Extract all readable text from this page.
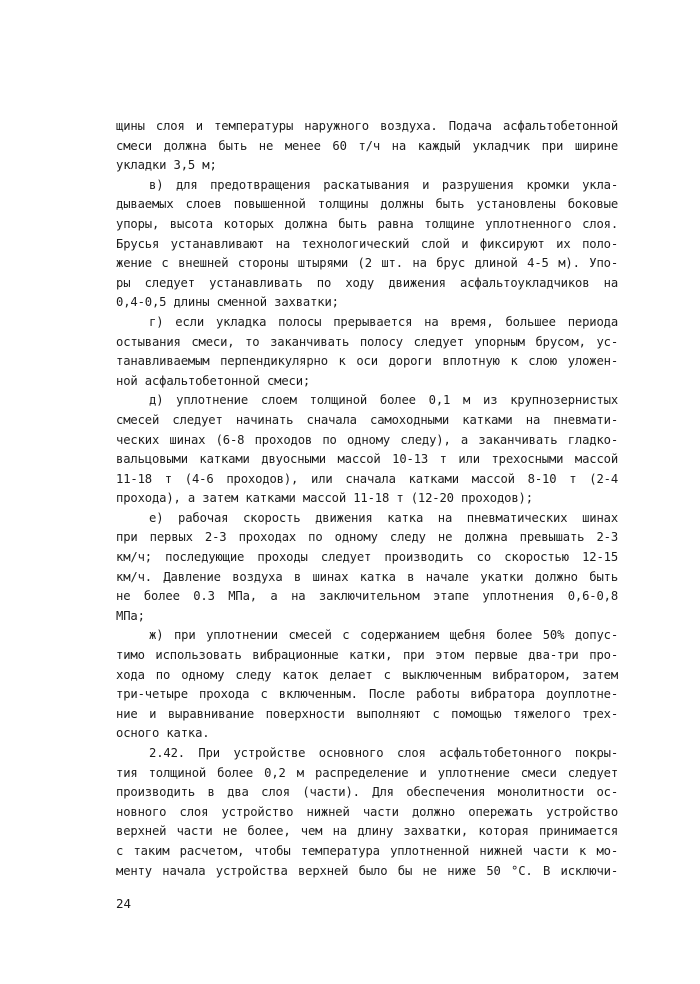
щины слоя и температуры наружного воздуха. Подача асфальтобетонной
смеси должна быть не менее 60 т/ч на каждый укладчик при ширине
укладки 3,5 м;
в) для предотвращения раскатывания и разрушения кромки укла-
дываемых слоев повышенной толщины должны быть установлены боковые
упоры, высота которых должна быть равна толщине уплотненного слоя.
Брусья устанавливают на технологический слой и фиксируют их поло-
жение с внешней стороны штырями (2 шт. на брус длиной 4-5 м). Упо-
ры следует устанавливать по ходу движения асфальтоукладчиков на
0,4-0,5 длины сменной захватки;
г) если укладка полосы прерывается на время, большее периода
остывания смеси, то заканчивать полосу следует упорным брусом, ус-
танавливаемым перпендикулярно к оси дороги вплотную к слою уложен-
ной асфальтобетонной смеси;
д) уплотнение слоем толщиной более 0,1 м из крупнозернистых
смесей следует начинать сначала самоходными катками на пневмати-
ческих шинах (6-8 проходов по одному следу), а заканчивать гладко-
вальцовыми катками двуосными массой 10-13 т или трехосными массой
11-18 т (4-6 проходов), или сначала катками массой 8-10 т (2-4
прохода), а затем катками массой 11-18 т (12-20 проходов);
е) рабочая скорость движения катка на пневматических шинах
при первых 2-3 проходах по одному следу не должна превышать 2-3
км/ч; последующие проходы следует производить со скоростью 12-15
км/ч. Давление воздуха в шинах катка в начале укатки должно быть
не более 0.3 МПа, а на заключительном этапе уплотнения 0,6-0,8
МПа;
ж) при уплотнении смесей с содержанием щебня более 50% допус-
тимо использовать вибрационные катки, при этом первые два-три про-
хода по одному следу каток делает с выключенным вибратором, затем
три-четыре прохода с включенным. После работы вибратора доуплотне-
ние и выравнивание поверхности выполняют с помощью тяжелого трех-
осного катка.
2.42. При устройстве основного слоя асфальтобетонного покры-
тия толщиной более 0,2 м распределение и уплотнение смеси следует
производить в два слоя (части). Для обеспечения монолитности ос-
новного слоя устройство нижней части должно опережать устройство
верхней части не более, чем на длину захватки, которая принимается
с таким расчетом, чтобы температура уплотненной нижней части к мо-
менту начала устройства верхней было бы не ниже 50 °С. В исключи-
24
